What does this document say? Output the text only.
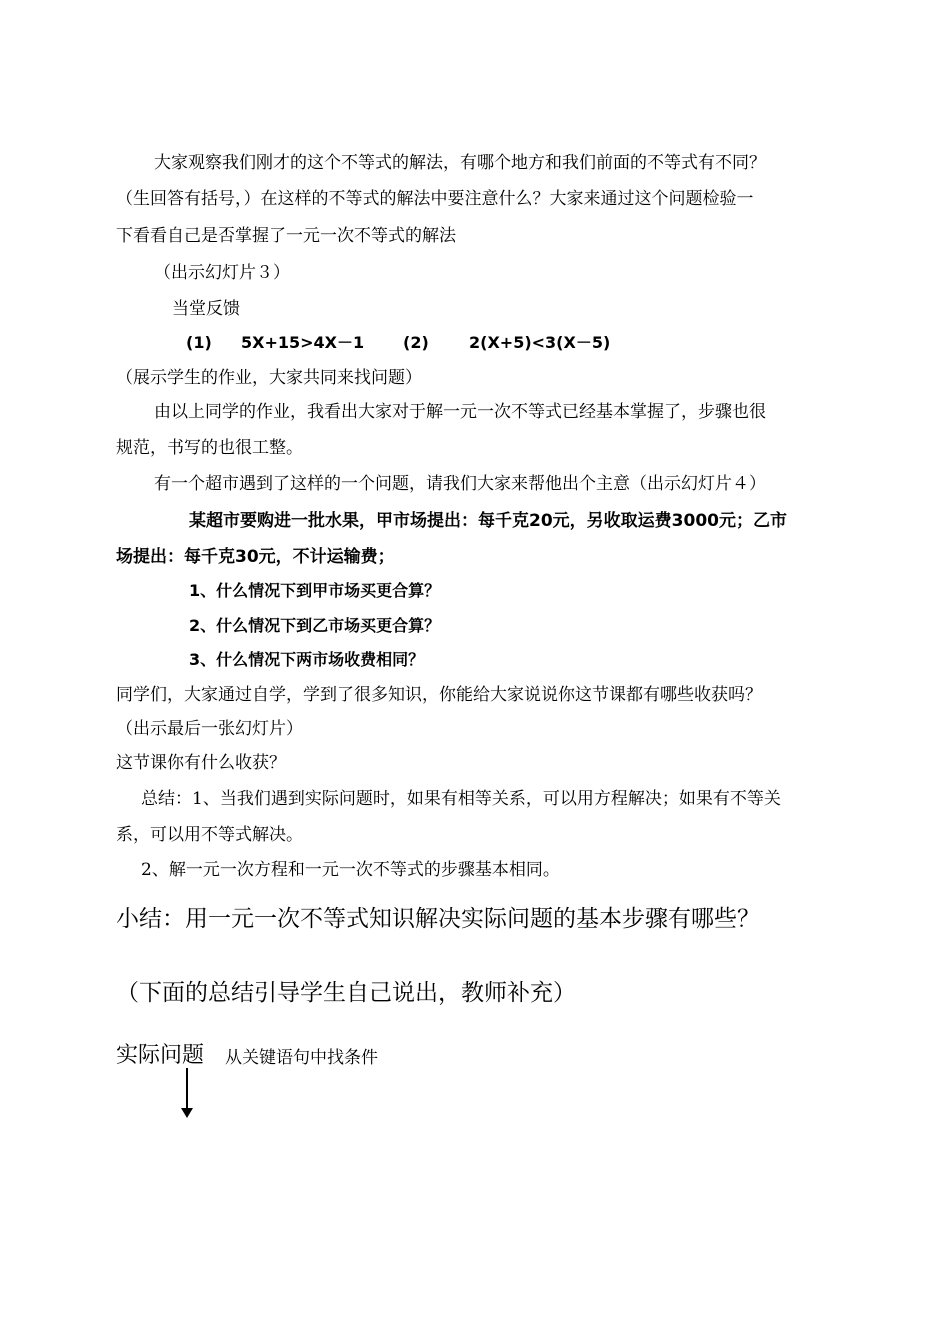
大家观察我们刚才的这个不等式的解法，有哪个地方和我们前面的不等式有不同？
（生回答有括号，）在这样的不等式的解法中要注意什么？大家来通过这个问题检验一
下看看自己是否掌握了一元一次不等式的解法
（出示幻灯片３）
当堂反馈
(1) 5X+15>4X－1 (2)	2(X+5)<3(X－5)
（展示学生的作业，大家共同来找问题）
由以上同学的作业，我看出大家对于解一元一次不等式已经基本掌握了，步骤也很
规范，书写的也很工整。
有一个超市遇到了这样的一个问题，请我们大家来帮他出个主意（出示幻灯片４）
某超市要购进一批水果，甲市场提出：每千克20元，另收取运费3000元；乙市
场提出：每千克30元，不计运输费；
1、什么情况下到甲市场买更合算？
2、什么情况下到乙市场买更合算？
3、什么情况下两市场收费相同？
同学们，大家通过自学，学到了很多知识，你能给大家说说你这节课都有哪些收获吗？
（出示最后一张幻灯片）
这节课你有什么收获？
总结：1、当我们遇到实际问题时，如果有相等关系，可以用方程解决；如果有不等关
系，可以用不等式解决。
2、解一元一次方程和一元一次不等式的步骤基本相同。
小结：用一元一次不等式知识解决实际问题的基本步骤有哪些？
（下面的总结引导学生自己说出，教师补充）
实际问题 从关键语句中找条件
